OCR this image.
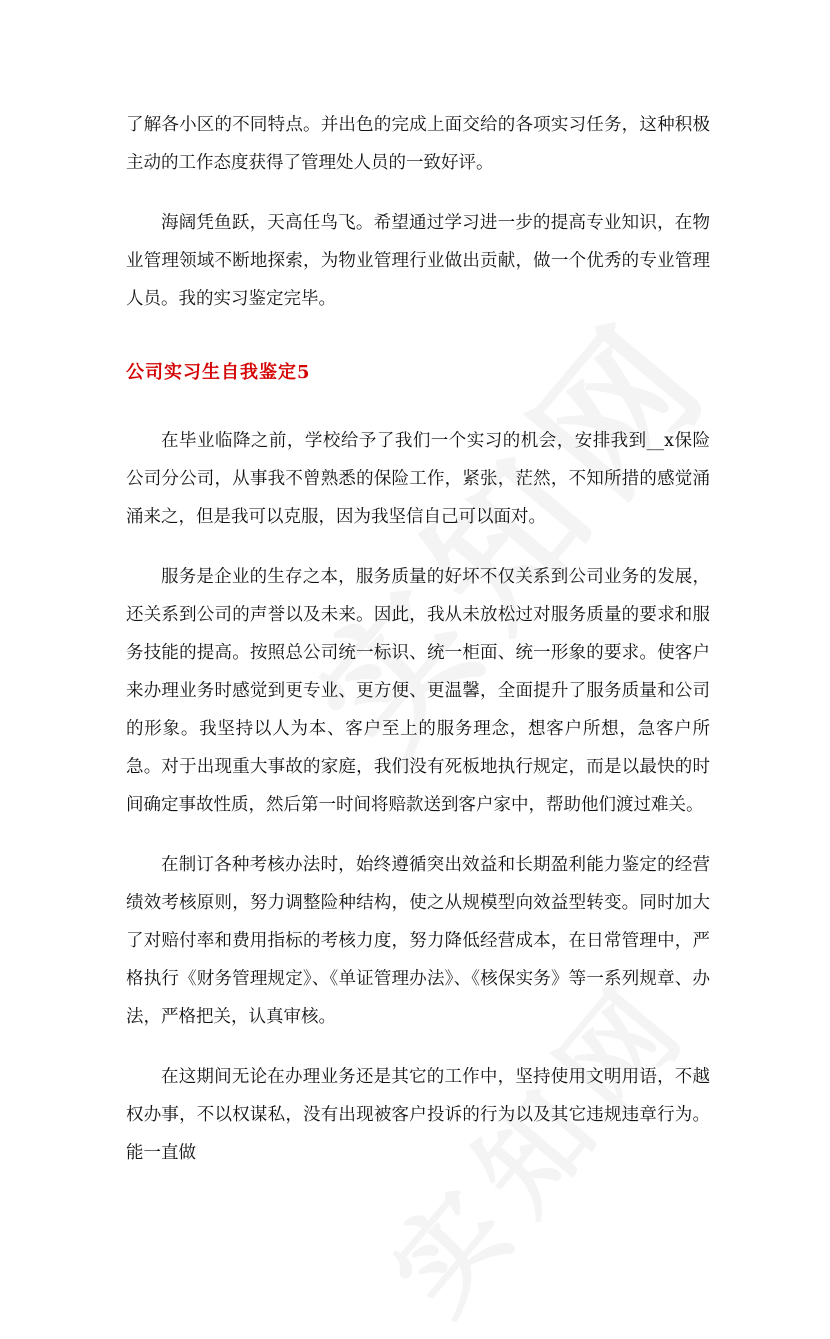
了解各小区的不同特点。并出色的完成上面交给的各项实习任务，这种积极主动的工作态度获得了管理处人员的一致好评。

海阔凭鱼跃，天高任鸟飞。希望通过学习进一步的提高专业知识，在物业管理领域不断地探索，为物业管理行业做出贡献，做一个优秀的专业管理人员。我的实习鉴定完毕。

公司实习生自我鉴定5

在毕业临降之前，学校给予了我们一个实习的机会，安排我到__x保险公司分公司，从事我不曾熟悉的保险工作，紧张，茫然，不知所措的感觉涌涌来之，但是我可以克服，因为我坚信自己可以面对。

服务是企业的生存之本，服务质量的好坏不仅关系到公司业务的发展，还关系到公司的声誉以及未来。因此，我从未放松过对服务质量的要求和服务技能的提高。按照总公司统一标识、统一柜面、统一形象的要求。使客户来办理业务时感觉到更专业、更方便、更温馨，全面提升了服务质量和公司的形象。我坚持以人为本、客户至上的服务理念，想客户所想，急客户所急。对于出现重大事故的家庭，我们没有死板地执行规定，而是以最快的时间确定事故性质，然后第一时间将赔款送到客户家中，帮助他们渡过难关。

在制订各种考核办法时，始终遵循突出效益和长期盈利能力鉴定的经营绩效考核原则，努力调整险种结构，使之从规模型向效益型转变。同时加大了对赔付率和费用指标的考核力度，努力降低经营成本，在日常管理中，严格执行《财务管理规定》、《单证管理办法》、《核保实务》等一系列规章、办法，严格把关，认真审核。

在这期间无论在办理业务还是其它的工作中，坚持使用文明用语，不越权办事，不以权谋私，没有出现被客户投诉的行为以及其它违规违章行为。能一直做
